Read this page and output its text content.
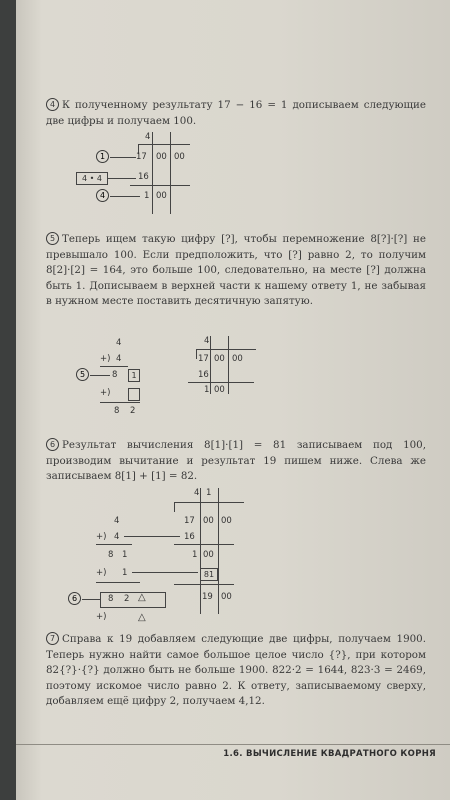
4 К полученному результату 17 − 16 = 1 дописываем следующие две цифры и получаем 100.
4
1	17 00 00
4 • 4	16
4	1 00
5 Теперь ищем такую цифру [?], чтобы перемножение 8[?]·[?] не превышало 100. Если предположить, что [?] равно 2, то получим 8[2]·[2] = 164, это больше 100, следовательно, на месте [?] должна быть 1. Дописываем в верхней части к нашему ответу 1, не забывая в нужном месте поставить десятичную запятую.
4
17 00 00
16
1 00
4
+) 4
5	8	1
+)
8 2
6 Результат вычисления 8[1]·[1] = 81 записываем под 100, производим вычитание и результат 19 пишем ниже. Слева же записываем 8[1] + [1] = 82.
4 1
17 00 00
16
1 00
81
19 00
4
+) 4
8 1
+) 1
6	8 2 △
+)	△
7 Справа к 19 добавляем следующие две цифры, получаем 1900. Теперь нужно найти самое большое целое число {?}, при котором 82{?}·{?} должно быть не больше 1900. 822·2 = 1644, 823·3 = 2469, поэтому искомое число равно 2. К ответу, записываемому сверху, добавляем ещё цифру 2, получаем 4,12.
1.6. ВЫЧИСЛЕНИЕ КВАДРАТНОГО КОРНЯ
